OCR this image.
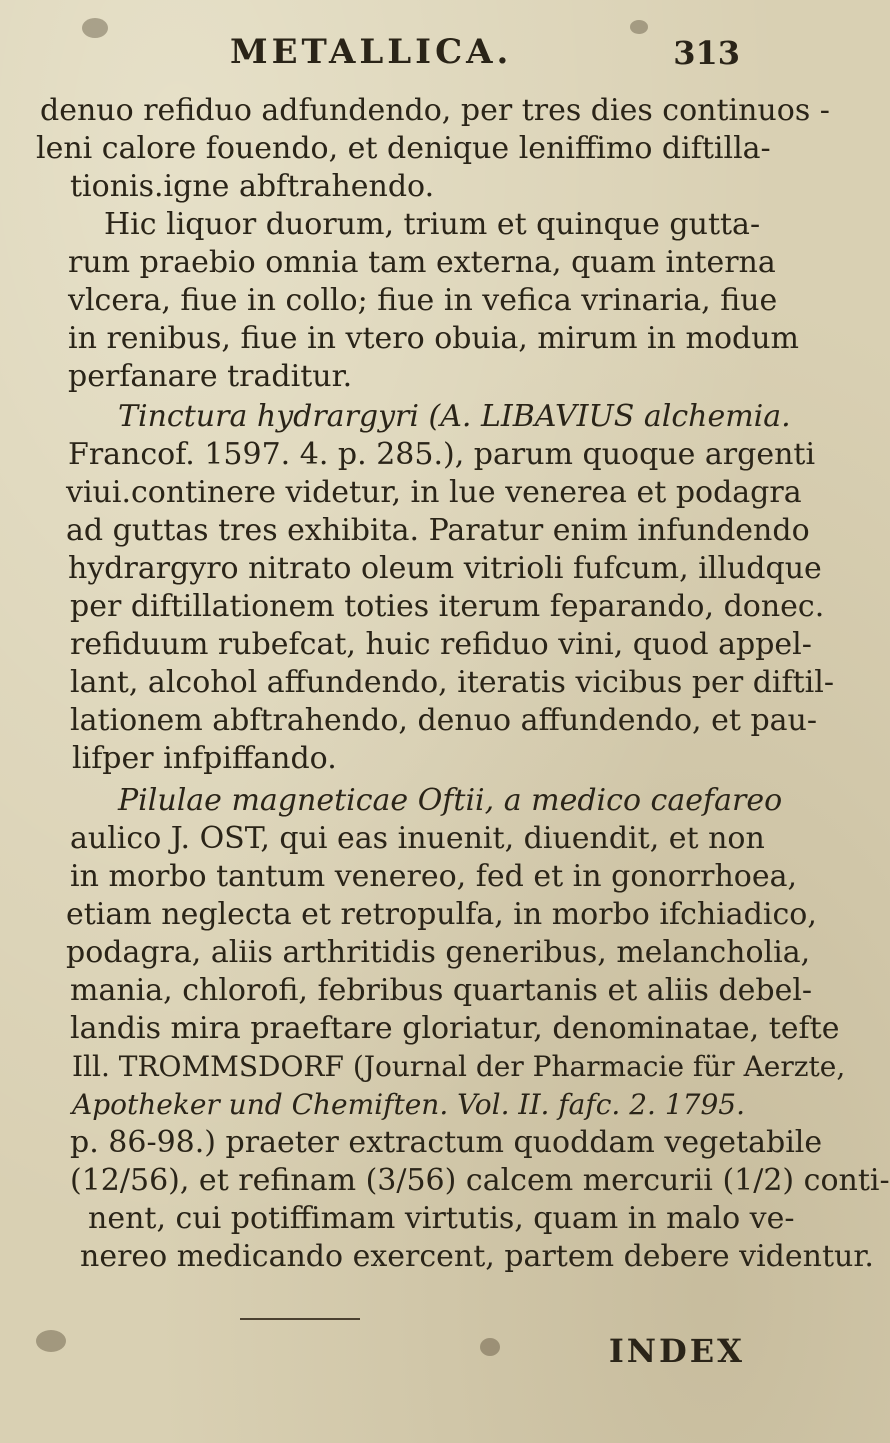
METALLICA.	313
denuo refiduo adfundendo, per tres dies continuos -
leni calore fouendo, et denique leniffimo diftilla-
tionis.igne abftrahendo.
Hic liquor duorum, trium et quinque gutta-
rum praebio omnia tam externa, quam interna
vlcera, fiue in collo; fiue in vefica vrinaria, fiue
in renibus, fiue in vtero obuia, mirum in modum
perfanare traditur.
Tinctura hydrargyri (A. LIBAVIUS alchemia.
Francof. 1597. 4. p. 285.), parum quoque argenti
viui.continere videtur, in lue venerea et podagra
ad guttas tres exhibita. Paratur enim infundendo
hydrargyro nitrato oleum vitrioli fufcum, illudque
per diftillationem toties iterum feparando, donec.
refiduum rubefcat, huic refiduo vini, quod appel-
lant, alcohol affundendo, iteratis vicibus per diftil-
lationem abftrahendo, denuo affundendo, et pau-
lifper infpiffando.
Pilulae magneticae Oftii, a medico caefareo
aulico J. OST, qui eas inuenit, diuendit, et non
in morbo tantum venereo, fed et in gonorrhoea,
etiam neglecta et retropulfa, in morbo ifchiadico,
podagra, aliis arthritidis generibus, melancholia,
mania, chlorofi, febribus quartanis et aliis debel-
landis mira praeftare gloriatur, denominatae, tefte
Ill. TROMMSDORF (Journal der Pharmacie für Aerzte,
Apotheker und Chemiften. Vol. II. fafc. 2. 1795.
p. 86-98.) praeter extractum quoddam vegetabile
(12/56), et refinam (3/56) calcem mercurii (1/2) conti-
nent, cui potiffimam virtutis, quam in malo ve-
nereo medicando exercent, partem debere videntur.
INDEX
